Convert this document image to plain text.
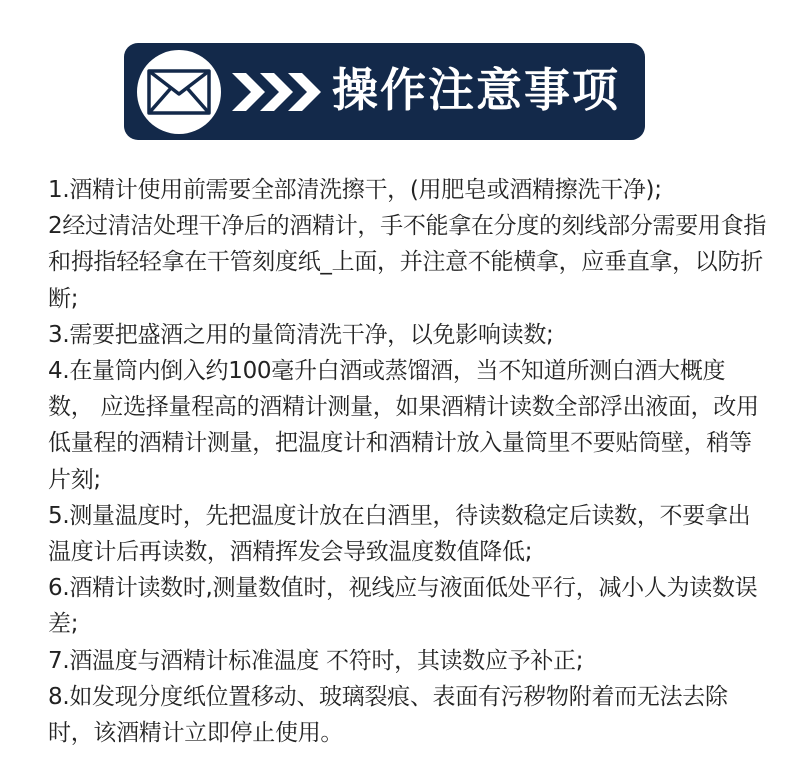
操作注意事项
1.酒精计使用前需要全部清洗擦干，(用肥皂或酒精擦洗干净);
2经过清洁处理干净后的酒精计，手不能拿在分度的刻线部分需要用食指和拇指轻轻拿在干管刻度纸_上面，并注意不能横拿，应垂直拿，以防折断;
3.需要把盛酒之用的量筒清洗干净，以免影响读数;
4.在量筒内倒入约100毫升白酒或蒸馏酒，当不知道所测白酒大概度数， 应选择量程高的酒精计测量，如果酒精计读数全部浮出液面，改用低量程的酒精计测量，把温度计和酒精计放入量筒里不要贴筒壁，稍等片刻;
5.测量温度时，先把温度计放在白酒里，待读数稳定后读数，不要拿出温度计后再读数，酒精挥发会导致温度数值降低;
6.酒精计读数时,测量数值时，视线应与液面低处平行，减小人为读数误差;
7.酒温度与酒精计标准温度 不符时，其读数应予补正;
8.如发现分度纸位置移动、玻璃裂痕、表面有污秽物附着而无法去除时，该酒精计立即停止使用。
